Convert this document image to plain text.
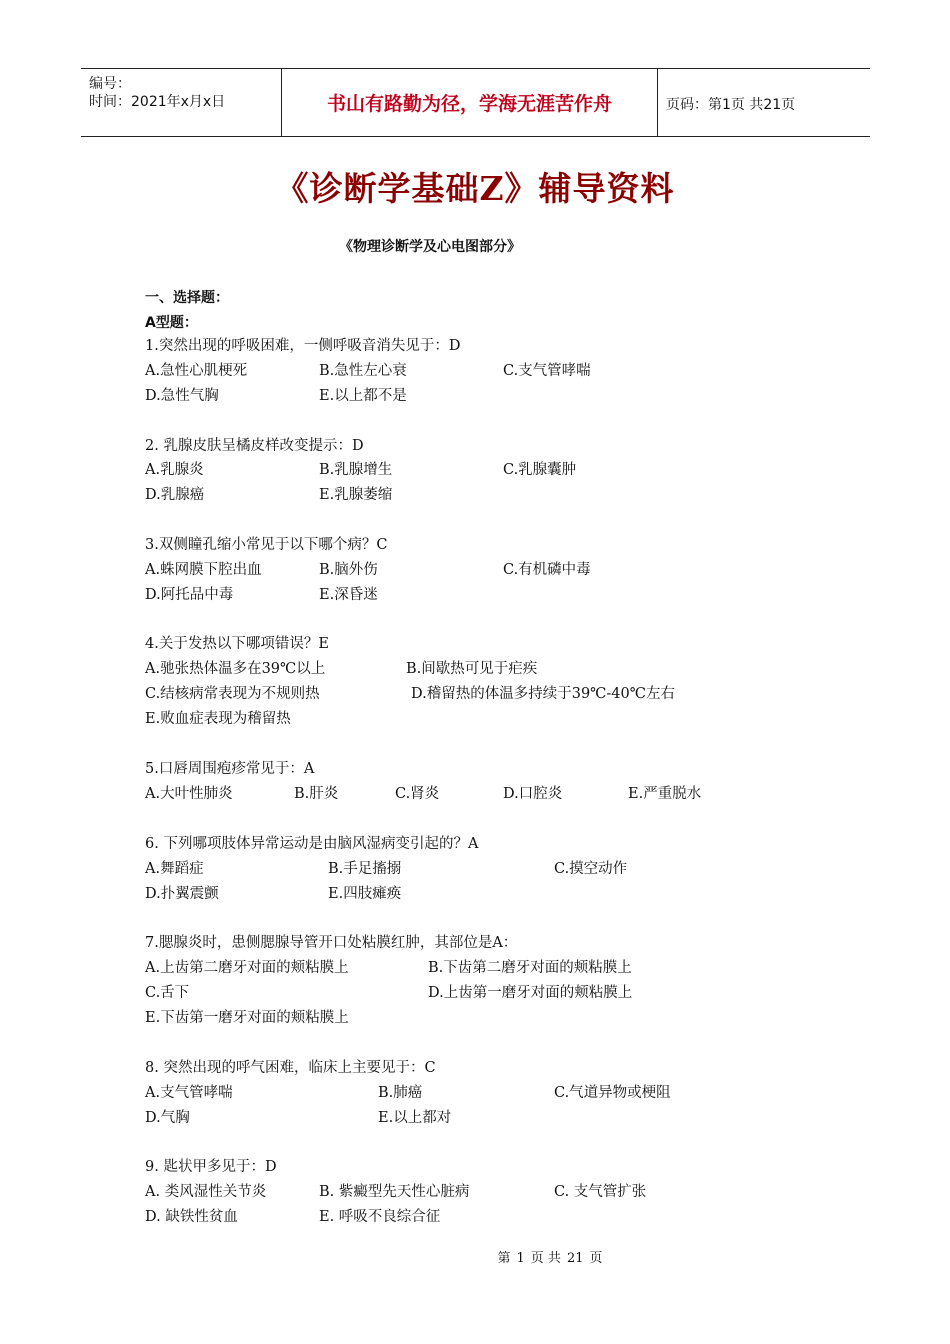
编号：
时间：2021年x月x日	书山有路勤为径，学海无涯苦作舟	页码：第1页 共21页
《诊断学基础Z》辅导资料
《物理诊断学及心电图部分》
一、选择题：
A型题：
1.突然出现的呼吸困难，一侧呼吸音消失见于：D
A.急性心肌梗死	B.急性左心衰	C.支气管哮喘
D.急性气胸	E.以上都不是
2. 乳腺皮肤呈橘皮样改变提示：D
A.乳腺炎	B.乳腺增生	C.乳腺囊肿
D.乳腺癌	E.乳腺萎缩
3.双侧瞳孔缩小常见于以下哪个病？C
A.蛛网膜下腔出血	B.脑外伤	C.有机磷中毒
D.阿托品中毒	E.深昏迷
4.关于发热以下哪项错误？E
A.驰张热体温多在39℃以上	B.间歇热可见于疟疾
C.结核病常表现为不规则热	D.稽留热的体温多持续于39℃-40℃左右
E.败血症表现为稽留热
5.口唇周围疱疹常见于：A
A.大叶性肺炎	B.肝炎	C.肾炎	D.口腔炎	E.严重脱水
6. 下列哪项肢体异常运动是由脑风湿病变引起的？A
A.舞蹈症	B.手足搐搦	C.摸空动作
D.扑翼震颤	E.四肢瘫痪
7.腮腺炎时，患侧腮腺导管开口处粘膜红肿，其部位是A：
A.上齿第二磨牙对面的颊粘膜上	B.下齿第二磨牙对面的颊粘膜上
C.舌下	D.上齿第一磨牙对面的颊粘膜上
E.下齿第一磨牙对面的颊粘膜上
8. 突然出现的呼气困难，临床上主要见于：C
A.支气管哮喘	B.肺癌	C.气道异物或梗阻
D.气胸	E.以上都对
9. 匙状甲多见于：D
A. 类风湿性关节炎	B. 紫癜型先天性心脏病	C. 支气管扩张
D. 缺铁性贫血	E. 呼吸不良综合征
第 1 页 共 21 页
